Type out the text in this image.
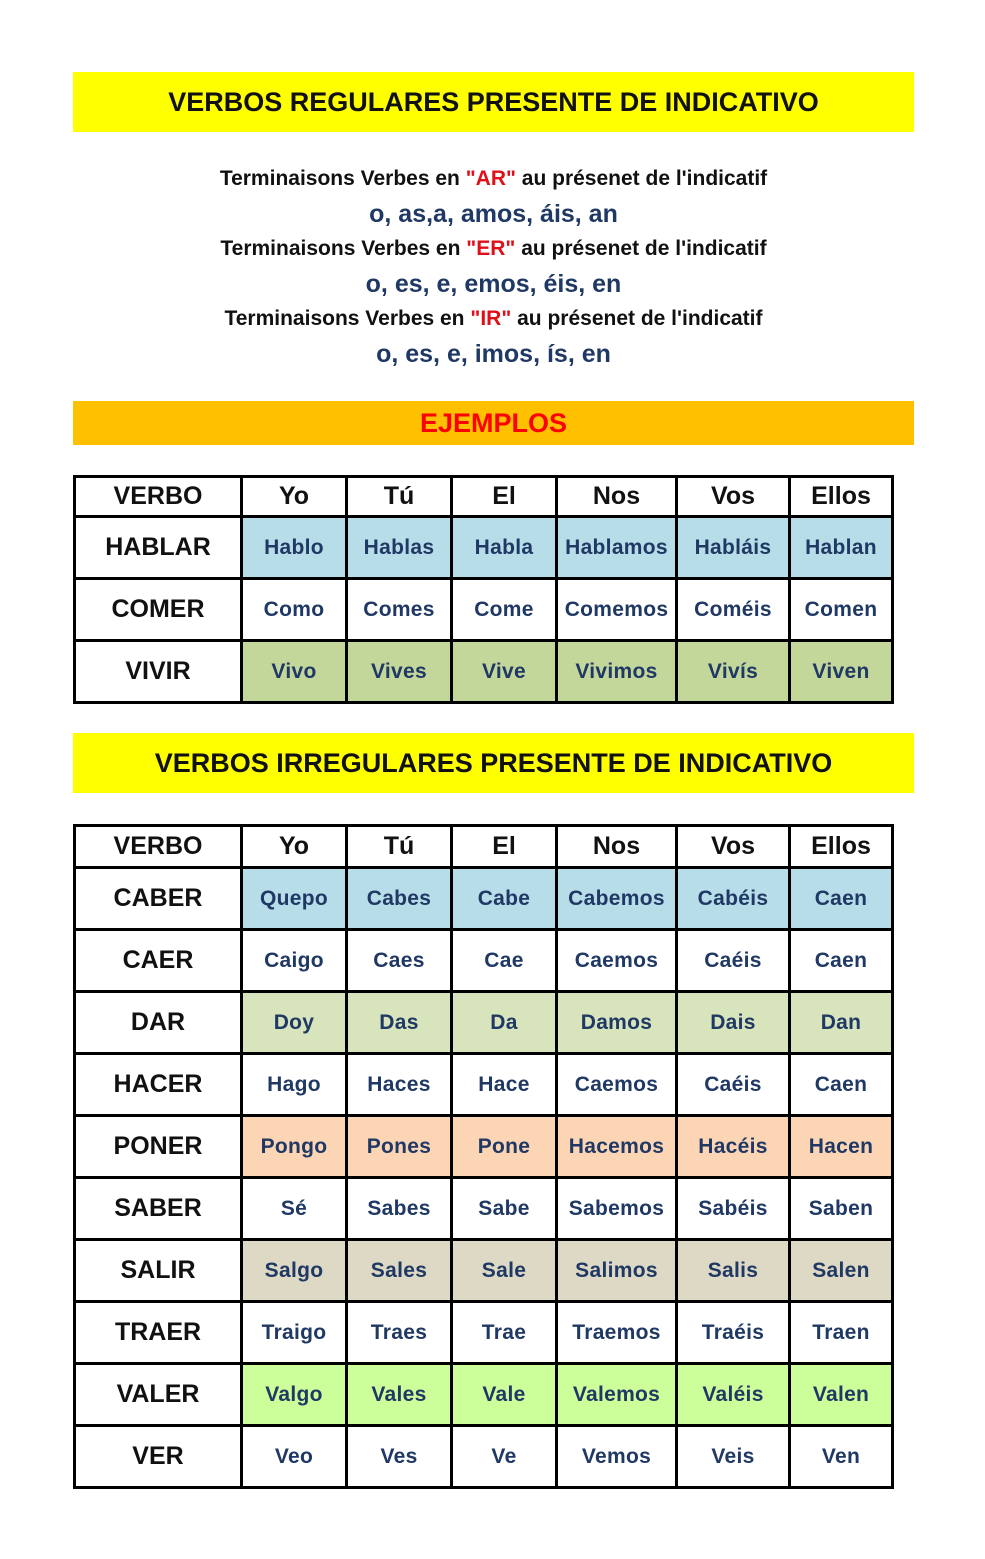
VERBOS REGULARES PRESENTE DE INDICATIVO
Terminaisons Verbes en "AR" au présenet de l'indicatif
o, as,a, amos, áis, an
Terminaisons Verbes en "ER" au présenet de l'indicatif
o, es, e, emos, éis, en
Terminaisons Verbes en "IR" au présenet de l'indicatif
o, es, e, imos, ís, en
EJEMPLOS
VERBO	Yo	Tú	El	Nos	Vos	Ellos
HABLAR	Hablo	Hablas	Habla	Hablamos	Habláis	Hablan
COMER	Como	Comes	Come	Comemos	Coméis	Comen
VIVIR	Vivo	Vives	Vive	Vivimos	Vivís	Viven
VERBOS IRREGULARES PRESENTE DE INDICATIVO
VERBO	Yo	Tú	El	Nos	Vos	Ellos
CABER	Quepo	Cabes	Cabe	Cabemos	Cabéis	Caen
CAER	Caigo	Caes	Cae	Caemos	Caéis	Caen
DAR	Doy	Das	Da	Damos	Dais	Dan
HACER	Hago	Haces	Hace	Caemos	Caéis	Caen
PONER	Pongo	Pones	Pone	Hacemos	Hacéis	Hacen
SABER	Sé	Sabes	Sabe	Sabemos	Sabéis	Saben
SALIR	Salgo	Sales	Sale	Salimos	Salis	Salen
TRAER	Traigo	Traes	Trae	Traemos	Traéis	Traen
VALER	Valgo	Vales	Vale	Valemos	Valéis	Valen
VER	Veo	Ves	Ve	Vemos	Veis	Ven
